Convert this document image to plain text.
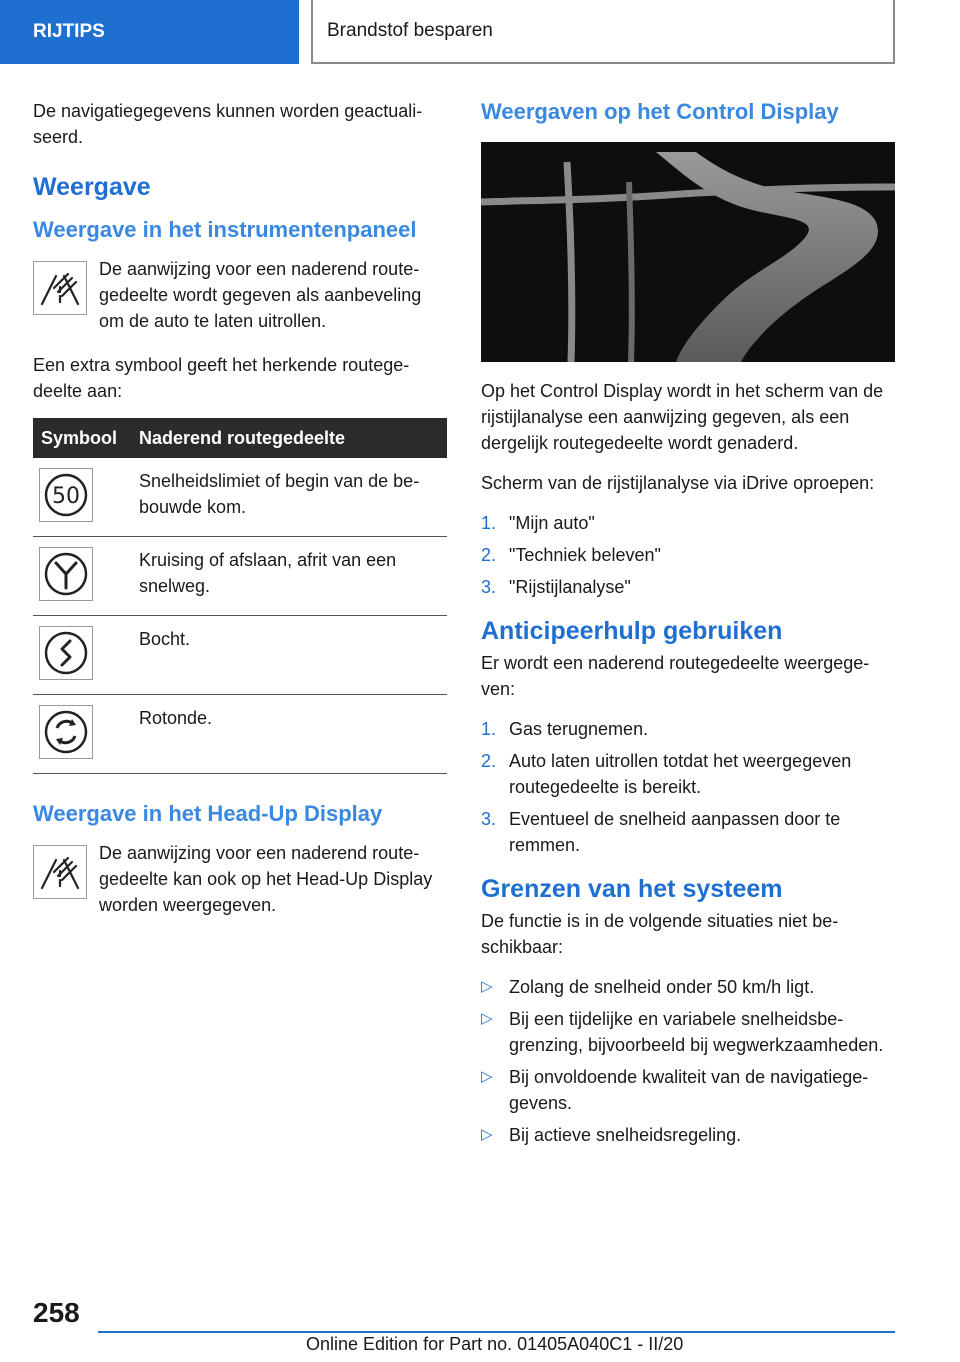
RIJTIPS	Brandstof besparen

De navigatiegegevens kunnen worden geactualiseerd.

Weergave
Weergave in het instrumentenpaneel

De aanwijzing voor een naderend routegedeelte wordt gegeven als aanbeveling om de auto te laten uitrollen.

Een extra symbool geeft het herkende routegedeelte aan:

Symbool	Naderend routegedeelte

50	Snelheidslimiet of begin van de bebouwde kom.

	Kruising of afslaan, afrit van een snelweg.

	Bocht.

	Rotonde.
Weergave in het Head-Up Display

De aanwijzing voor een naderend routegedeelte kan ook op het Head-Up Display worden weergegeven.

Weergaven op het Control Display

Op het Control Display wordt in het scherm van de rijstijlanalyse een aanwijzing gegeven, als een dergelijk routegedeelte wordt genaderd.

Scherm van de rijstijlanalyse via iDrive oproepen:

1. "Mijn auto"
2. "Techniek beleven"
3. "Rijstijlanalyse"
Anticipeerhulp gebruiken

Er wordt een naderend routegedeelte weergegeven:

1. Gas terugnemen.
2. Auto laten uitrollen totdat het weergegeven routegedeelte is bereikt.
3. Eventueel de snelheid aanpassen door te remmen.
Grenzen van het systeem

De functie is in de volgende situaties niet beschikbaar:

▷ Zolang de snelheid onder 50 km/h ligt.
▷ Bij een tijdelijke en variabele snelheidsbegrenzing, bijvoorbeeld bij wegwerkzaamheden.
▷ Bij onvoldoende kwaliteit van de navigatiegegevens.
▷ Bij actieve snelheidsregeling.
258
Online Edition for Part no. 01405A040C1 - II/20
